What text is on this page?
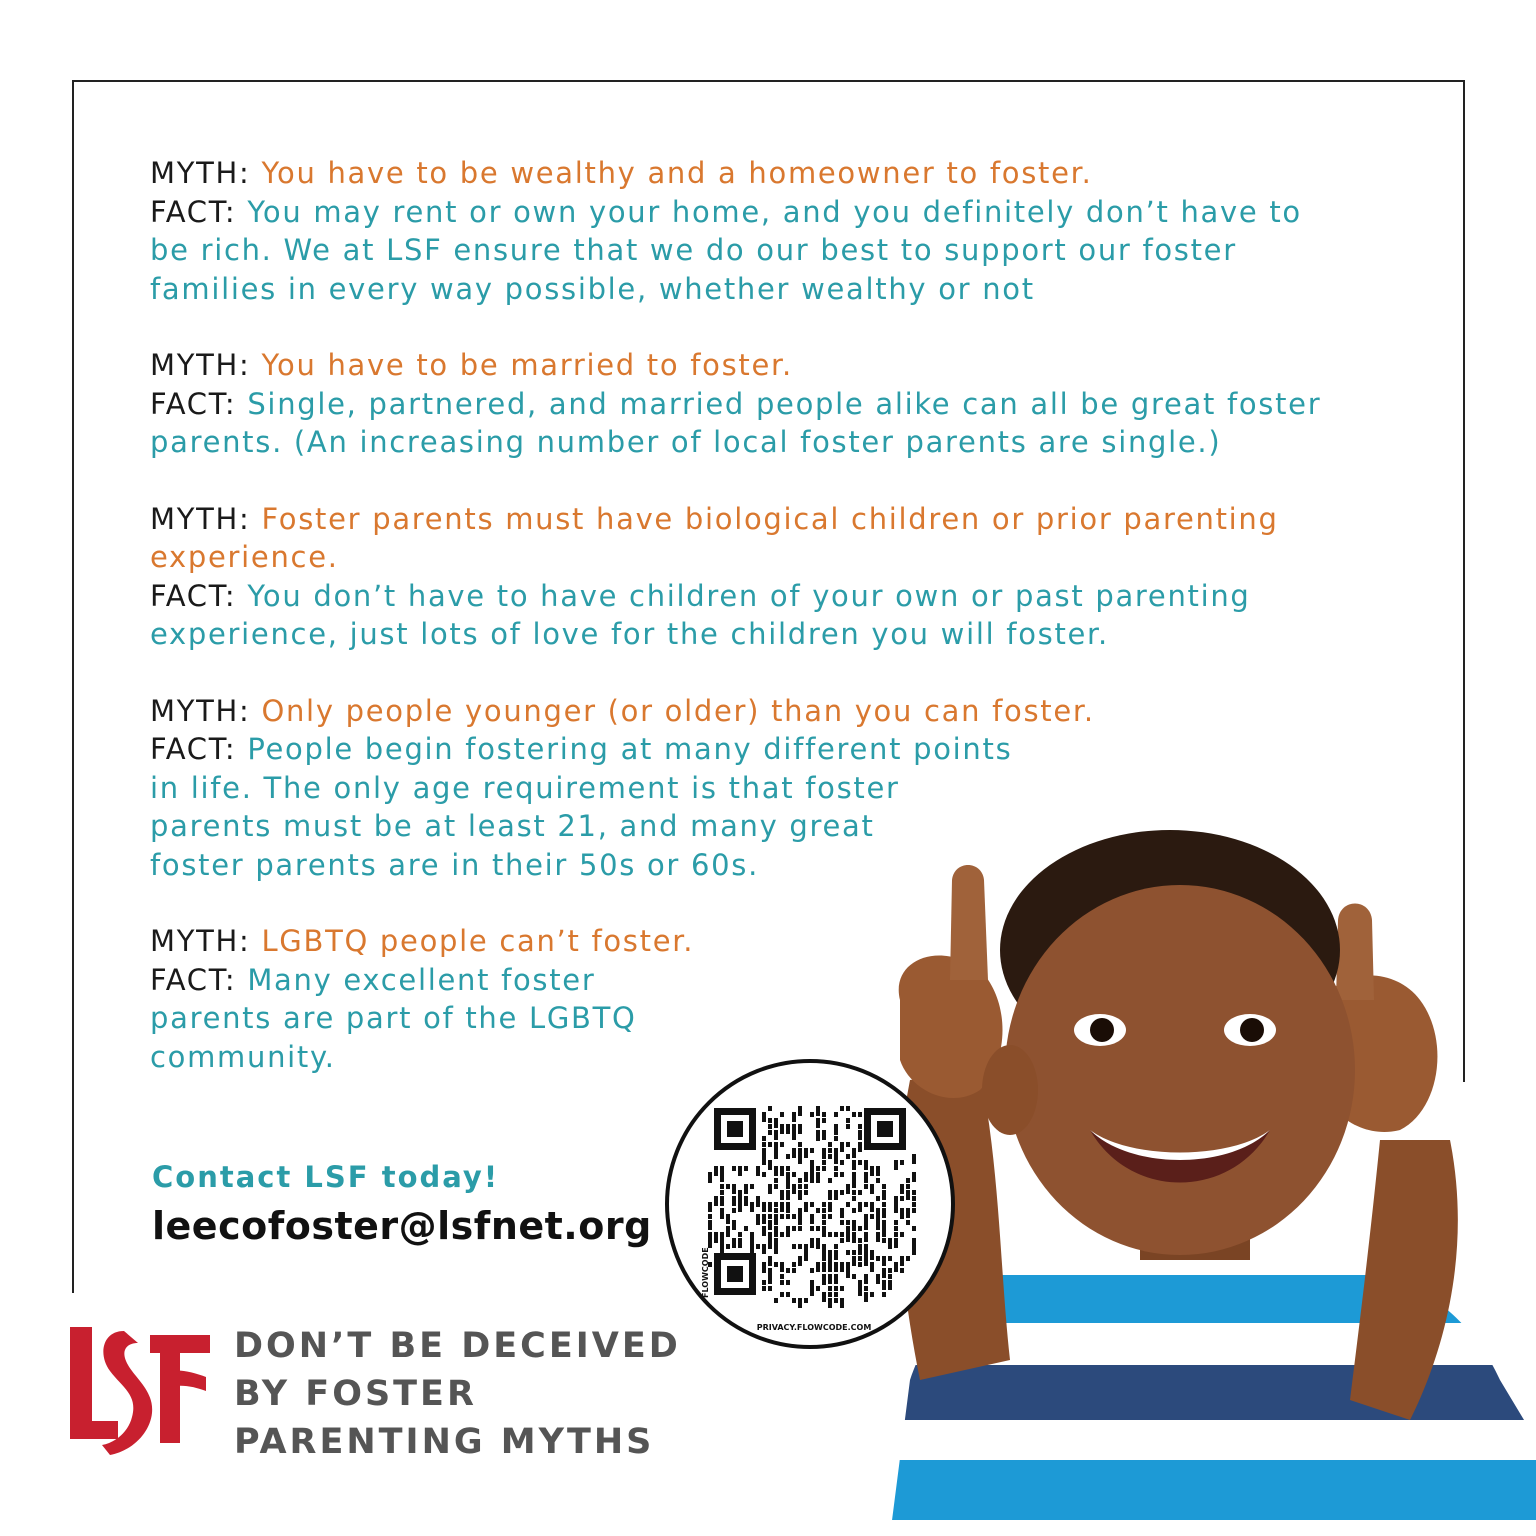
MYTH: You have to be wealthy and a homeowner to foster.
FACT: You may rent or own your home, and you definitely don’t have to
be rich. We at LSF ensure that we do our best to support our foster
families in every way possible, whether wealthy or not
MYTH: You have to be married to foster.
FACT: Single, partnered, and married people alike can all be great foster
parents. (An increasing number of local foster parents are single.)
MYTH: Foster parents must have biological children or prior parenting
experience.
FACT: You don’t have to have children of your own or past parenting
experience, just lots of love for the children you will foster.
MYTH: Only people younger (or older) than you can foster.
FACT: People begin fostering at many different points
in life. The only age requirement is that foster
parents must be at least 21, and many great
foster parents are in their 50s or 60s.
MYTH: LGBTQ people can’t foster.
FACT: Many excellent foster
parents are part of the LGBTQ
community.
Contact LSF today!
leecofoster@lsfnet.org
DON’T BE DECEIVED
BY FOSTER
PARENTING MYTHS
FLOWCODE
PRIVACY.FLOWCODE.COM
